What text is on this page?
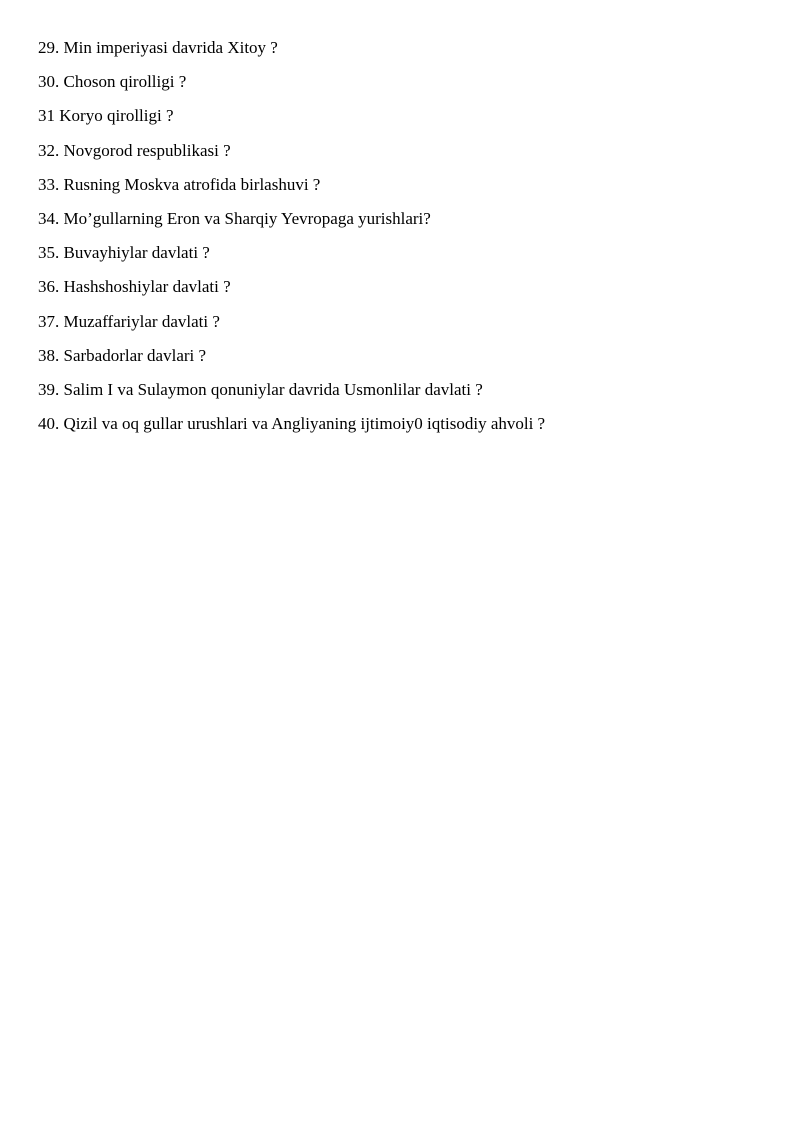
29. Min imperiyasi davrida Xitoy ?
30. Choson qirolligi ?
31 Koryo qirolligi ?
32. Novgorod respublikasi ?
33. Rusning Moskva atrofida birlashuvi ?
34. Mo’gullarning Eron va Sharqiy Yevropaga yurishlari?
35. Buvayhiylar davlati ?
36. Hashshoshiylar davlati ?
37. Muzaffariylar davlati ?
38. Sarbadorlar davlari ?
39. Salim I va Sulaymon qonuniylar davrida Usmonlilar davlati ?
40. Qizil va oq gullar urushlari va Angliyaning ijtimoiy0 iqtisodiy ahvoli ?
